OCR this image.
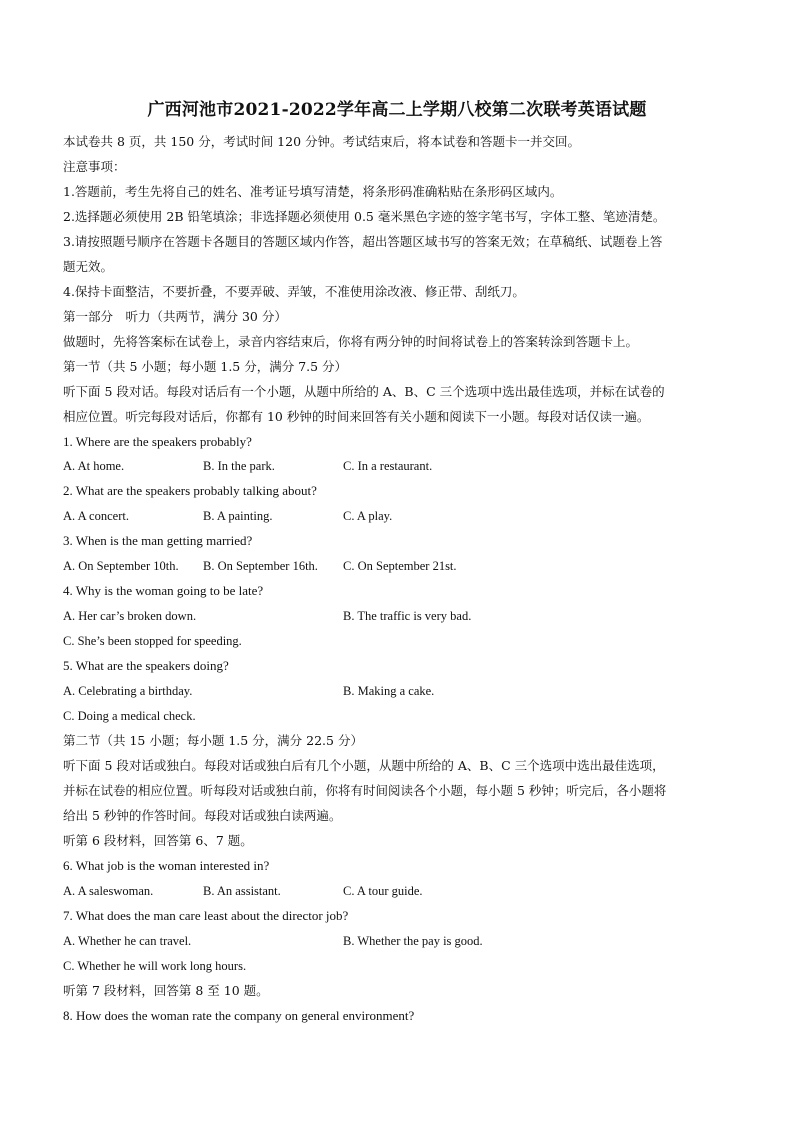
广西河池市2021-2022学年高二上学期八校第二次联考英语试题
本试卷共 8 页，共 150 分，考试时间 120 分钟。考试结束后，将本试卷和答题卡一并交回。
注意事项：
1.答题前，考生先将自己的姓名、准考证号填写清楚，将条形码准确粘贴在条形码区域内。
2.选择题必须使用 2B 铅笔填涂；非选择题必须使用 0.5 毫米黑色字迹的签字笔书写，字体工整、笔迹清楚。
3.请按照题号顺序在答题卡各题目的答题区域内作答，超出答题区域书写的答案无效；在草稿纸、试题卷上答
题无效。
4.保持卡面整洁，不要折叠，不要弄破、弄皱，不准使用涂改液、修正带、刮纸刀。
第一部分　听力（共两节，满分 30 分）
做题时，先将答案标在试卷上，录音内容结束后，你将有两分钟的时间将试卷上的答案转涂到答题卡上。
第一节（共 5 小题；每小题 1.5 分，满分 7.5 分）
听下面 5 段对话。每段对话后有一个小题，从题中所给的 A、B、C 三个选项中选出最佳选项，并标在试卷的
相应位置。听完每段对话后，你都有 10 秒钟的时间来回答有关小题和阅读下一小题。每段对话仅读一遍。
1. Where are the speakers probably?
A. At home.	B. In the park.	C. In a restaurant.
2. What are the speakers probably talking about?
A. A concert.	B. A painting.	C. A play.
3. When is the man getting married?
A. On September 10th. B. On September 16th. C. On September 21st.
4. Why is the woman going to be late?
A. Her car’s broken down.	B. The traffic is very bad.
C. She’s been stopped for speeding.
5. What are the speakers doing?
A. Celebrating a birthday.	B. Making a cake.
C. Doing a medical check.
第二节（共 15 小题；每小题 1.5 分，满分 22.5 分）
听下面 5 段对话或独白。每段对话或独白后有几个小题，从题中所给的 A、B、C 三个选项中选出最佳选项，
并标在试卷的相应位置。听每段对话或独白前，你将有时间阅读各个小题，每小题 5 秒钟；听完后，各小题将
给出 5 秒钟的作答时间。每段对话或独白读两遍。
听第 6 段材料，回答第 6、7 题。
6. What job is the woman interested in?
A. A saleswoman.	B. An assistant.	C. A tour guide.
7. What does the man care least about the director job?
A. Whether he can travel.	B. Whether the pay is good.
C. Whether he will work long hours.
听第 7 段材料，回答第 8 至 10 题。
8. How does the woman rate the company on general environment?
